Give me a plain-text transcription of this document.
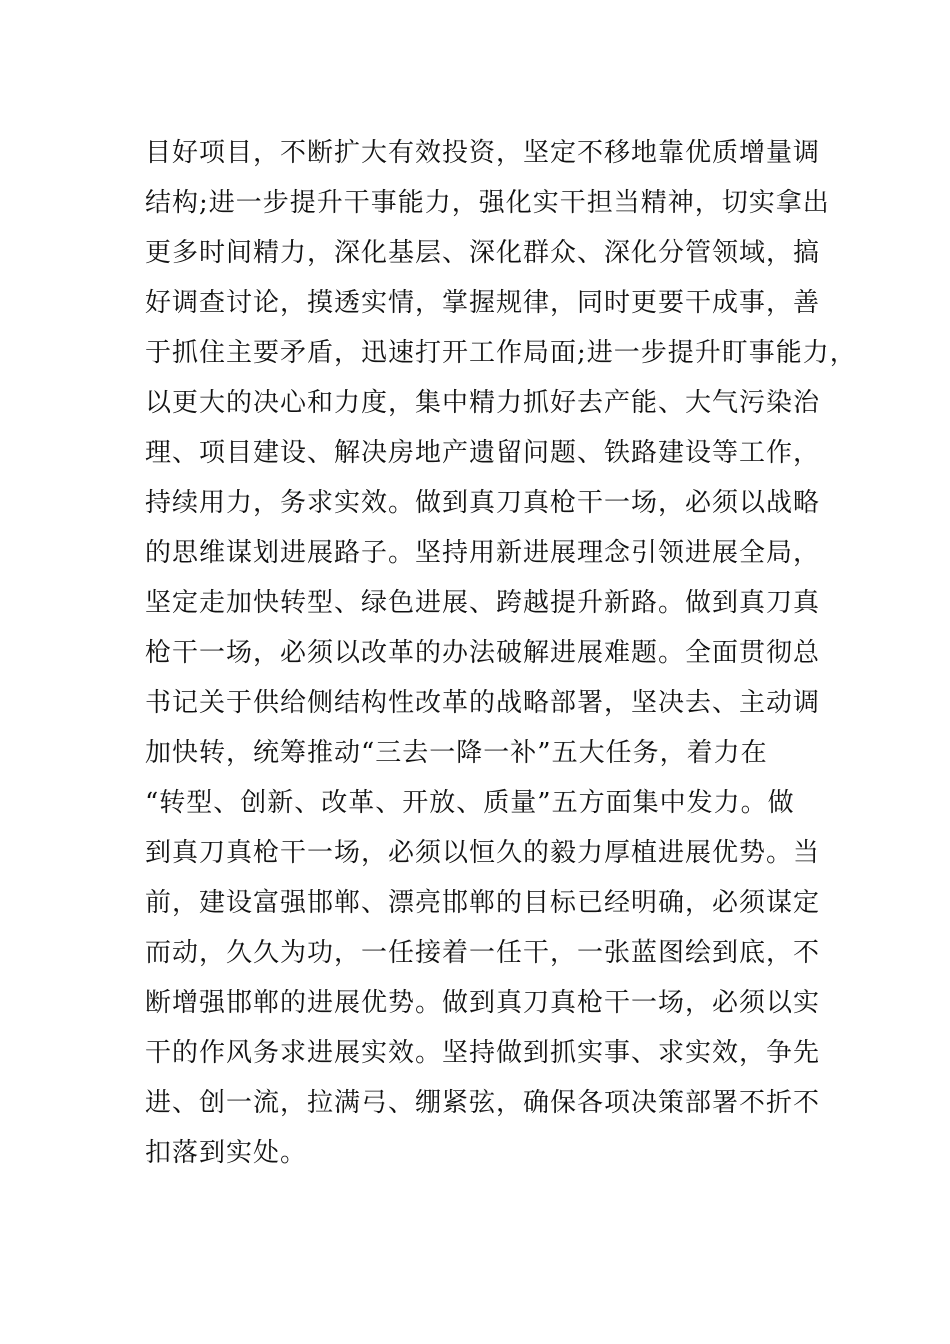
目好项目，不断扩大有效投资，坚定不移地靠优质增量调
结构;进一步提升干事能力，强化实干担当精神，切实拿出
更多时间精力，深化基层、深化群众、深化分管领域，搞
好调查讨论，摸透实情，掌握规律，同时更要干成事，善
于抓住主要矛盾，迅速打开工作局面;进一步提升盯事能力，
以更大的决心和力度，集中精力抓好去产能、大气污染治
理、项目建设、解决房地产遗留问题、铁路建设等工作，
持续用力，务求实效。做到真刀真枪干一场，必须以战略
的思维谋划进展路子。坚持用新进展理念引领进展全局，
坚定走加快转型、绿色进展、跨越提升新路。做到真刀真
枪干一场，必须以改革的办法破解进展难题。全面贯彻总
书记关于供给侧结构性改革的战略部署，坚决去、主动调
加快转，统筹推动“三去一降一补”五大任务，着力在
“转型、创新、改革、开放、质量”五方面集中发力。做
到真刀真枪干一场，必须以恒久的毅力厚植进展优势。当
前，建设富强邯郸、漂亮邯郸的目标已经明确，必须谋定
而动，久久为功，一任接着一任干，一张蓝图绘到底，不
断增强邯郸的进展优势。做到真刀真枪干一场，必须以实
干的作风务求进展实效。坚持做到抓实事、求实效，争先
进、创一流，拉满弓、绷紧弦，确保各项决策部署不折不
扣落到实处。
